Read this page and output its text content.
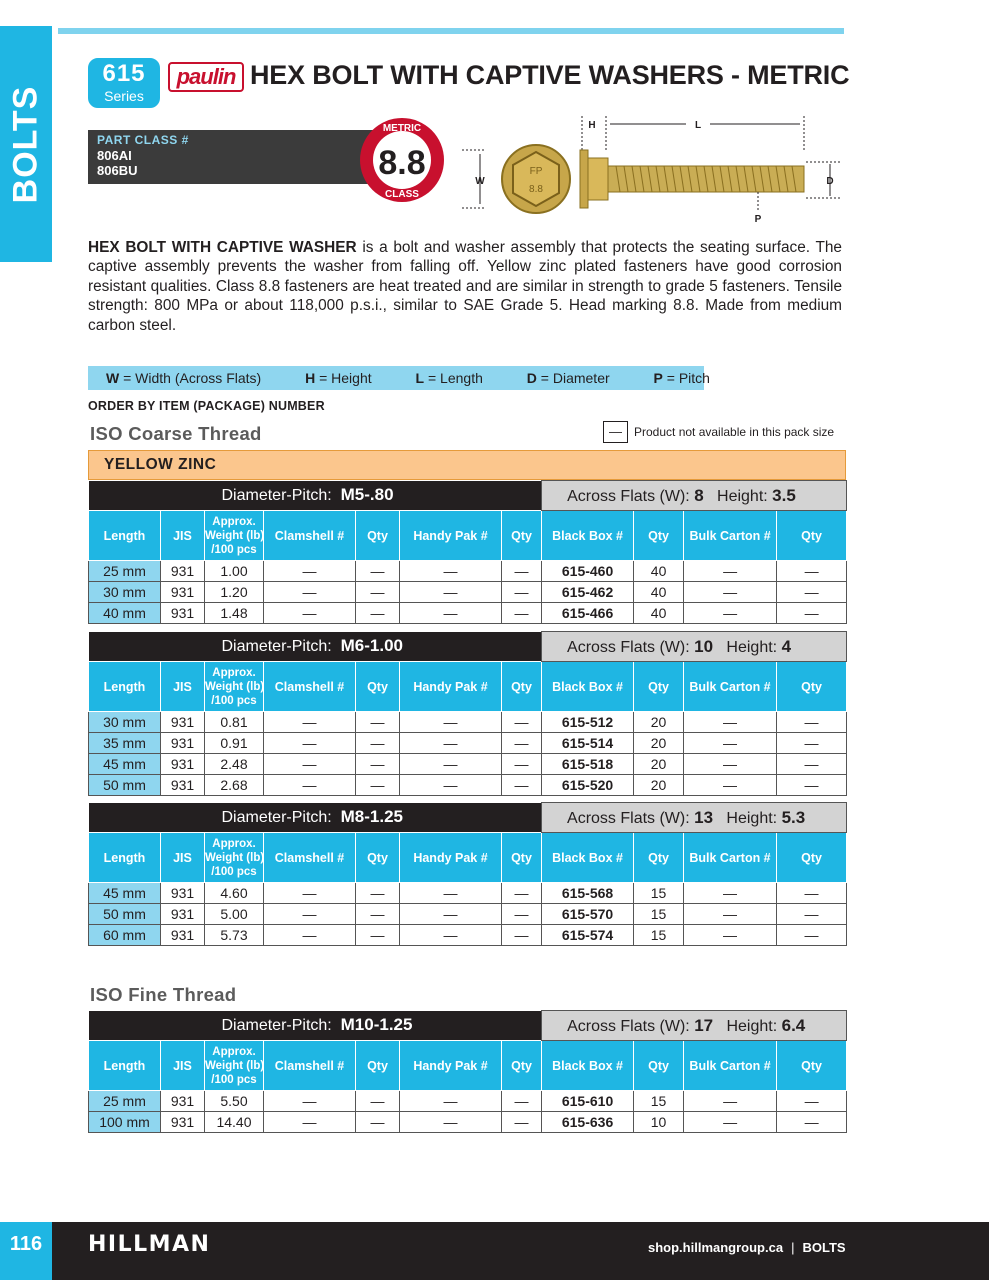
BOLTS
615
Series
paulin HEX BOLT WITH CAPTIVE WASHERS - METRIC
PART CLASS #
806AI
806BU
METRIC
8.8
CLASS
W
FP
8.8
H	L
D
P
HEX BOLT WITH CAPTIVE WASHER is a bolt and washer assembly that protects the seating surface. The captive assembly prevents the washer from falling off. Yellow zinc plated fasteners have good corrosion resistant qualities. Class 8.8 fasteners are heat treated and are similar in strength to grade 5 fasteners. Tensile strength: 800 MPa or about 118,000 p.s.i., similar to SAE Grade 5. Head marking 8.8. Made from medium carbon steel.
W = Width (Across Flats)	H = Height	L = Length	D = Diameter	P = Pitch
ORDER BY ITEM (PACKAGE) NUMBER
ISO Coarse Thread	—	Product not available in this pack size
YELLOW ZINC
Diameter-Pitch: M5-.80							Across Flats (W): 8 Height: 3.5			
Length	JIS	Approx.
Weight (lb)
/100 pcs	Clamshell #	Qty	Handy Pak #	Qty	Black Box #	Qty	Bulk Carton #	Qty
25 mm	931	1.00	—	—	—	—	615-460	40	—	—
30 mm	931	1.20	—	—	—	—	615-462	40	—	—
40 mm	931	1.48	—	—	—	—	615-466	40	—	—
Diameter-Pitch: M6-1.00							Across Flats (W): 10 Height: 4			
Length	JIS	Approx.
Weight (lb)
/100 pcs	Clamshell #	Qty	Handy Pak #	Qty	Black Box #	Qty	Bulk Carton #	Qty
30 mm	931	0.81	—	—	—	—	615-512	20	—	—
35 mm	931	0.91	—	—	—	—	615-514	20	—	—
45 mm	931	2.48	—	—	—	—	615-518	20	—	—
50 mm	931	2.68	—	—	—	—	615-520	20	—	—
Diameter-Pitch: M8-1.25							Across Flats (W): 13 Height: 5.3			
Length	JIS	Approx.
Weight (lb)
/100 pcs	Clamshell #	Qty	Handy Pak #	Qty	Black Box #	Qty	Bulk Carton #	Qty
45 mm	931	4.60	—	—	—	—	615-568	15	—	—
50 mm	931	5.00	—	—	—	—	615-570	15	—	—
60 mm	931	5.73	—	—	—	—	615-574	15	—	—
ISO Fine Thread
Diameter-Pitch: M10-1.25							Across Flats (W): 17 Height: 6.4			
Length	JIS	Approx.
Weight (lb)
/100 pcs	Clamshell #	Qty	Handy Pak #	Qty	Black Box #	Qty	Bulk Carton #	Qty
25 mm	931	5.50	—	—	—	—	615-610	15	—	—
100 mm	931	14.40	—	—	—	—	615-636	10	—	—
116	HILLMAN	shop.hillmangroup.ca | BOLTS
